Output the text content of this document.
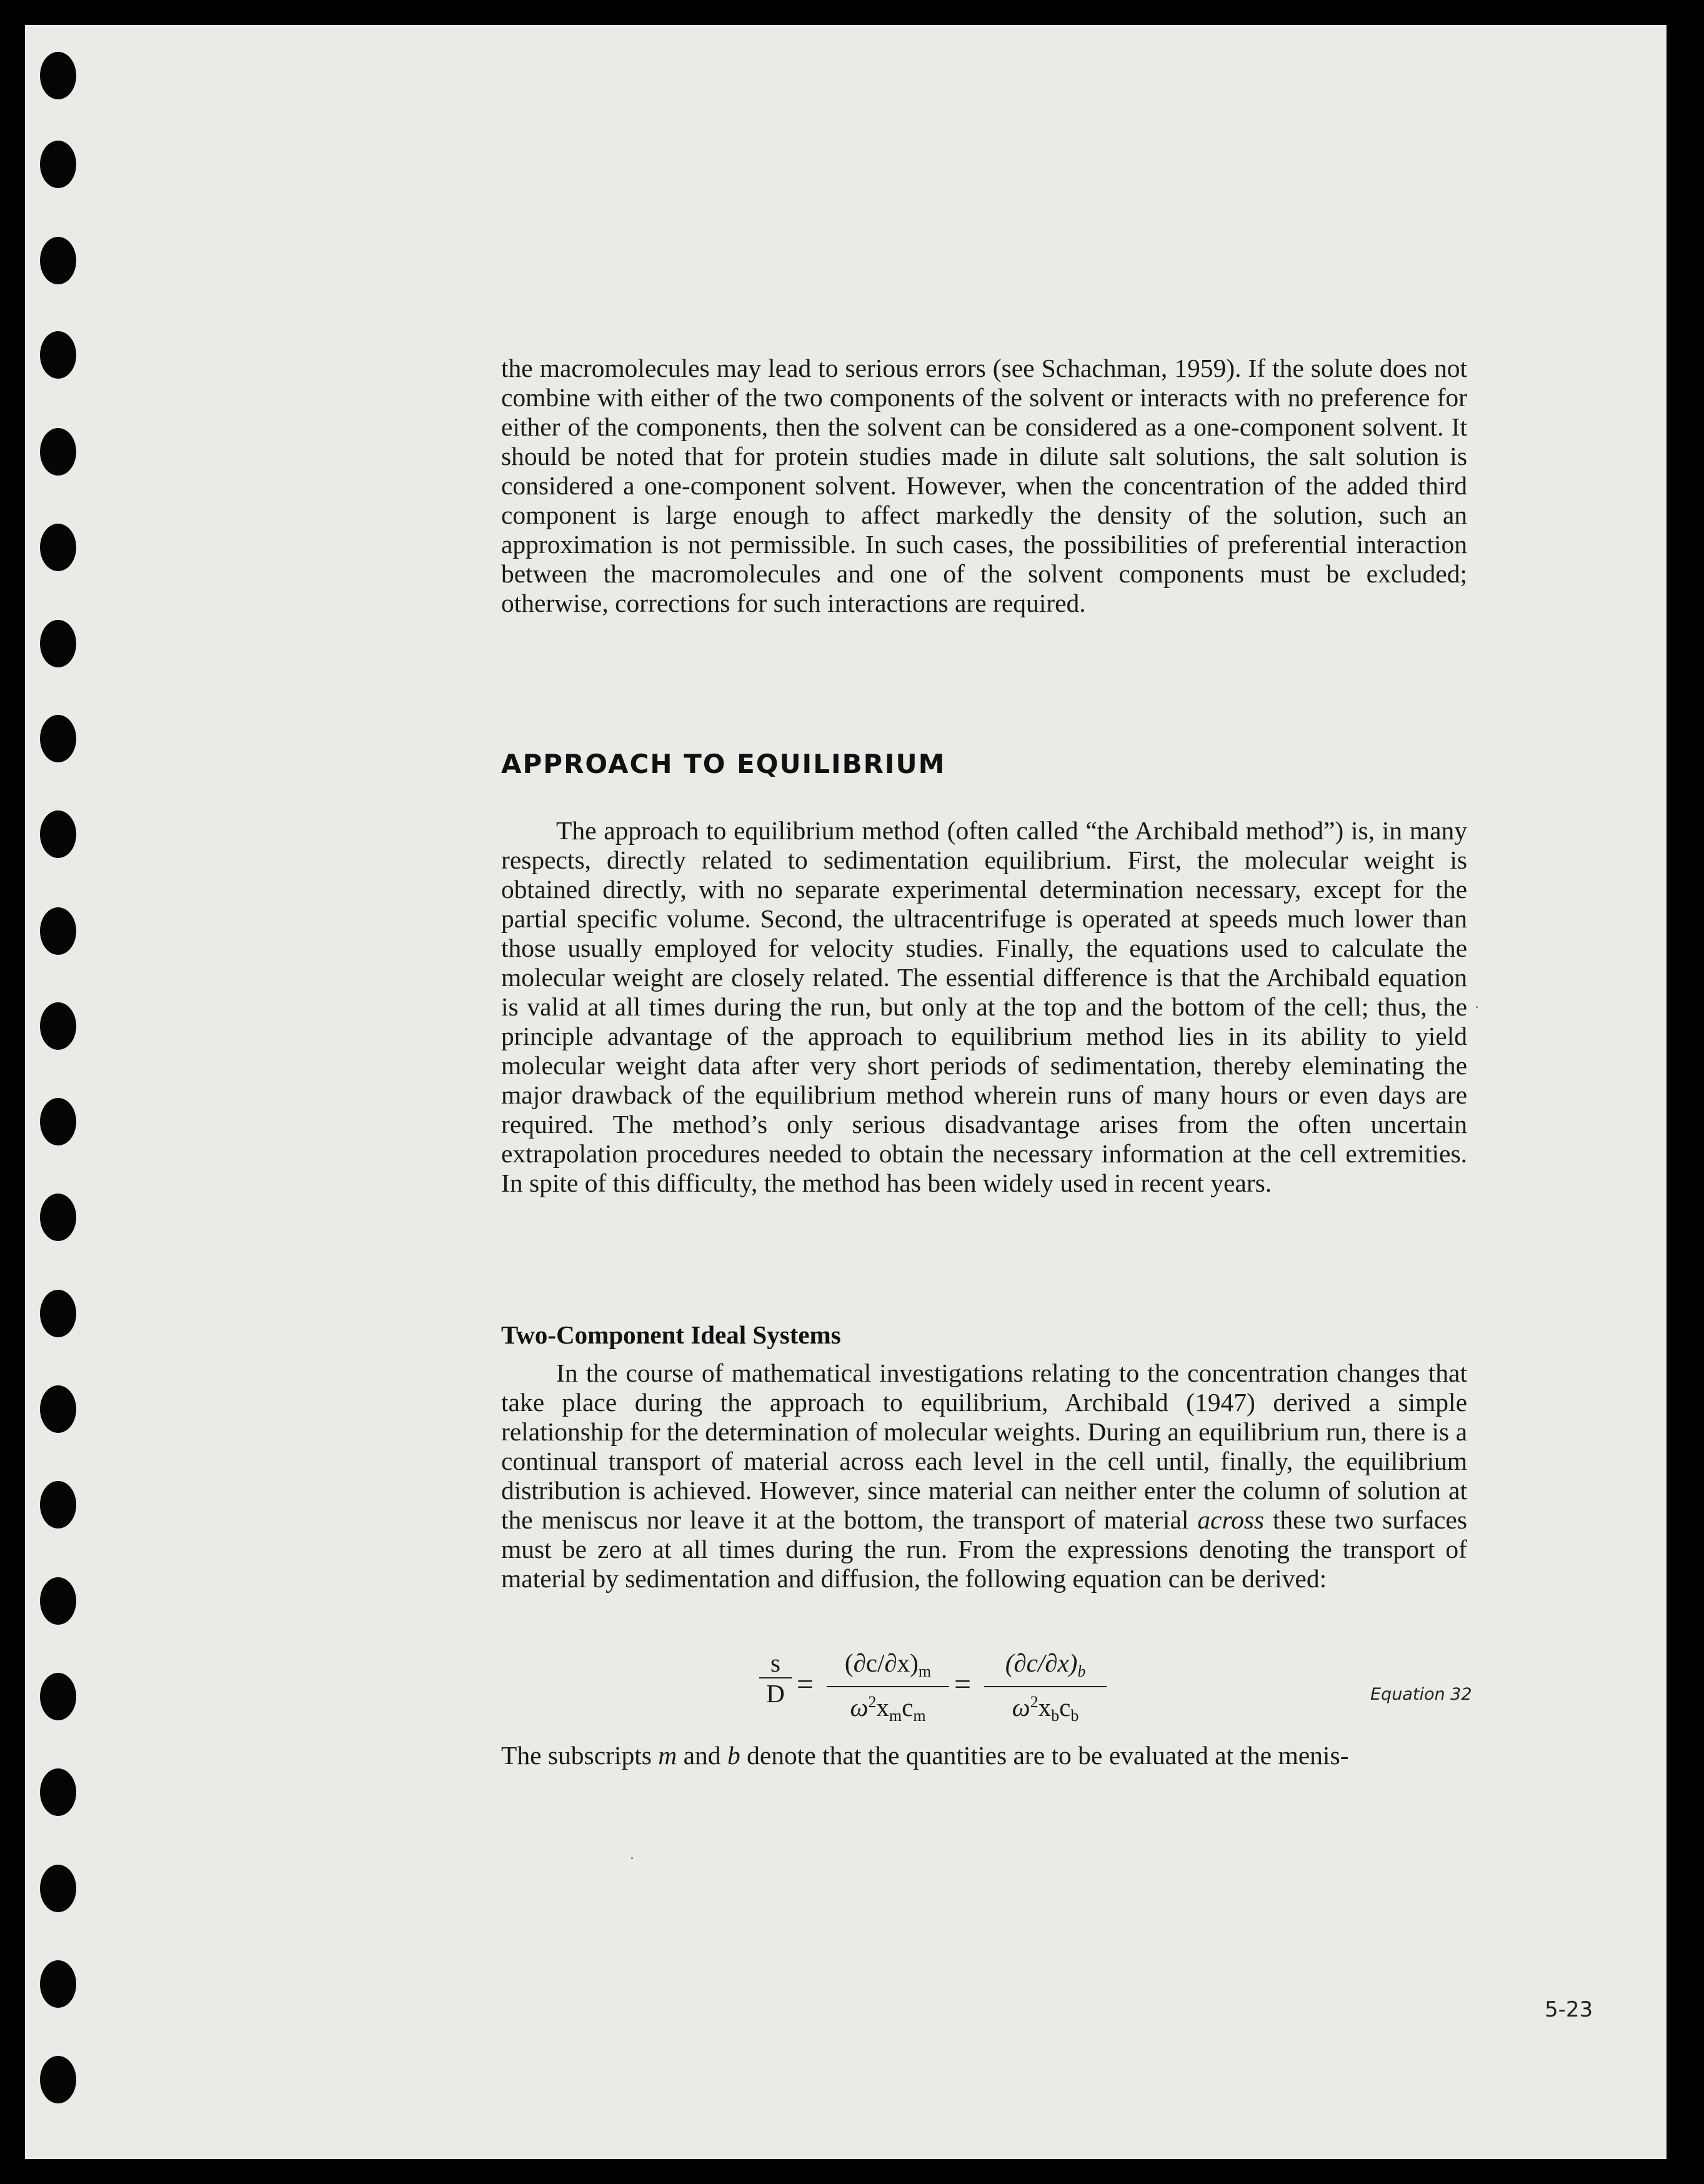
the macromolecules may lead to serious errors (see Schachman, 1959). If the solute does not combine with either of the two components of the solvent or interacts with no preference for either of the components, then the solvent can be considered as a one-component solvent. It should be noted that for protein studies made in dilute salt solutions, the salt solution is considered a one-component solvent. However, when the concentration of the added third component is large enough to affect markedly the density of the solution, such an approximation is not permissible. In such cases, the possibilities of preferential interaction between the macromolecules and one of the solvent components must be excluded; otherwise, corrections for such interactions are required.

APPROACH TO EQUILIBRIUM

The approach to equilibrium method (often called “the Archibald method”) is, in many respects, directly related to sedimentation equilibrium. First, the molecular weight is obtained directly, with no separate experimental determination necessary, except for the partial specific volume. Second, the ultracentrifuge is operated at speeds much lower than those usually employed for velocity studies. Finally, the equations used to calculate the molecular weight are closely related. The essential difference is that the Archibald equation is valid at all times during the run, but only at the top and the bottom of the cell; thus, the principle advantage of the approach to equilibrium method lies in its ability to yield molecular weight data after very short periods of sedimentation, thereby eleminating the major drawback of the equilibrium method wherein runs of many hours or even days are required. The method’s only serious disadvantage arises from the often uncertain extrapolation procedures needed to obtain the necessary information at the cell extremities. In spite of this difficulty, the method has been widely used in recent years.

Two-Component Ideal Systems

In the course of mathematical investigations relating to the concentration changes that take place during the approach to equilibrium, Archibald (1947) derived a simple relationship for the determination of molecular weights. During an equilibrium run, there is a continual transport of material across each level in the cell until, finally, the equilibrium distribution is achieved. However, since material can neither enter the column of solution at the meniscus nor leave it at the bottom, the transport of material across these two surfaces must be zero at all times during the run. From the expressions denoting the transport of material by sedimentation and diffusion, the following equation can be derived:

s
D =
$(\partial c/\partial x)_m$
$\omega^2x_mc_m$
=
$(\partial c/\partial x)_b$
$\omega^2x_bc_b$
Equation 32

The subscripts m and b denote that the quantities are to be evaluated at the menis-

5-23
